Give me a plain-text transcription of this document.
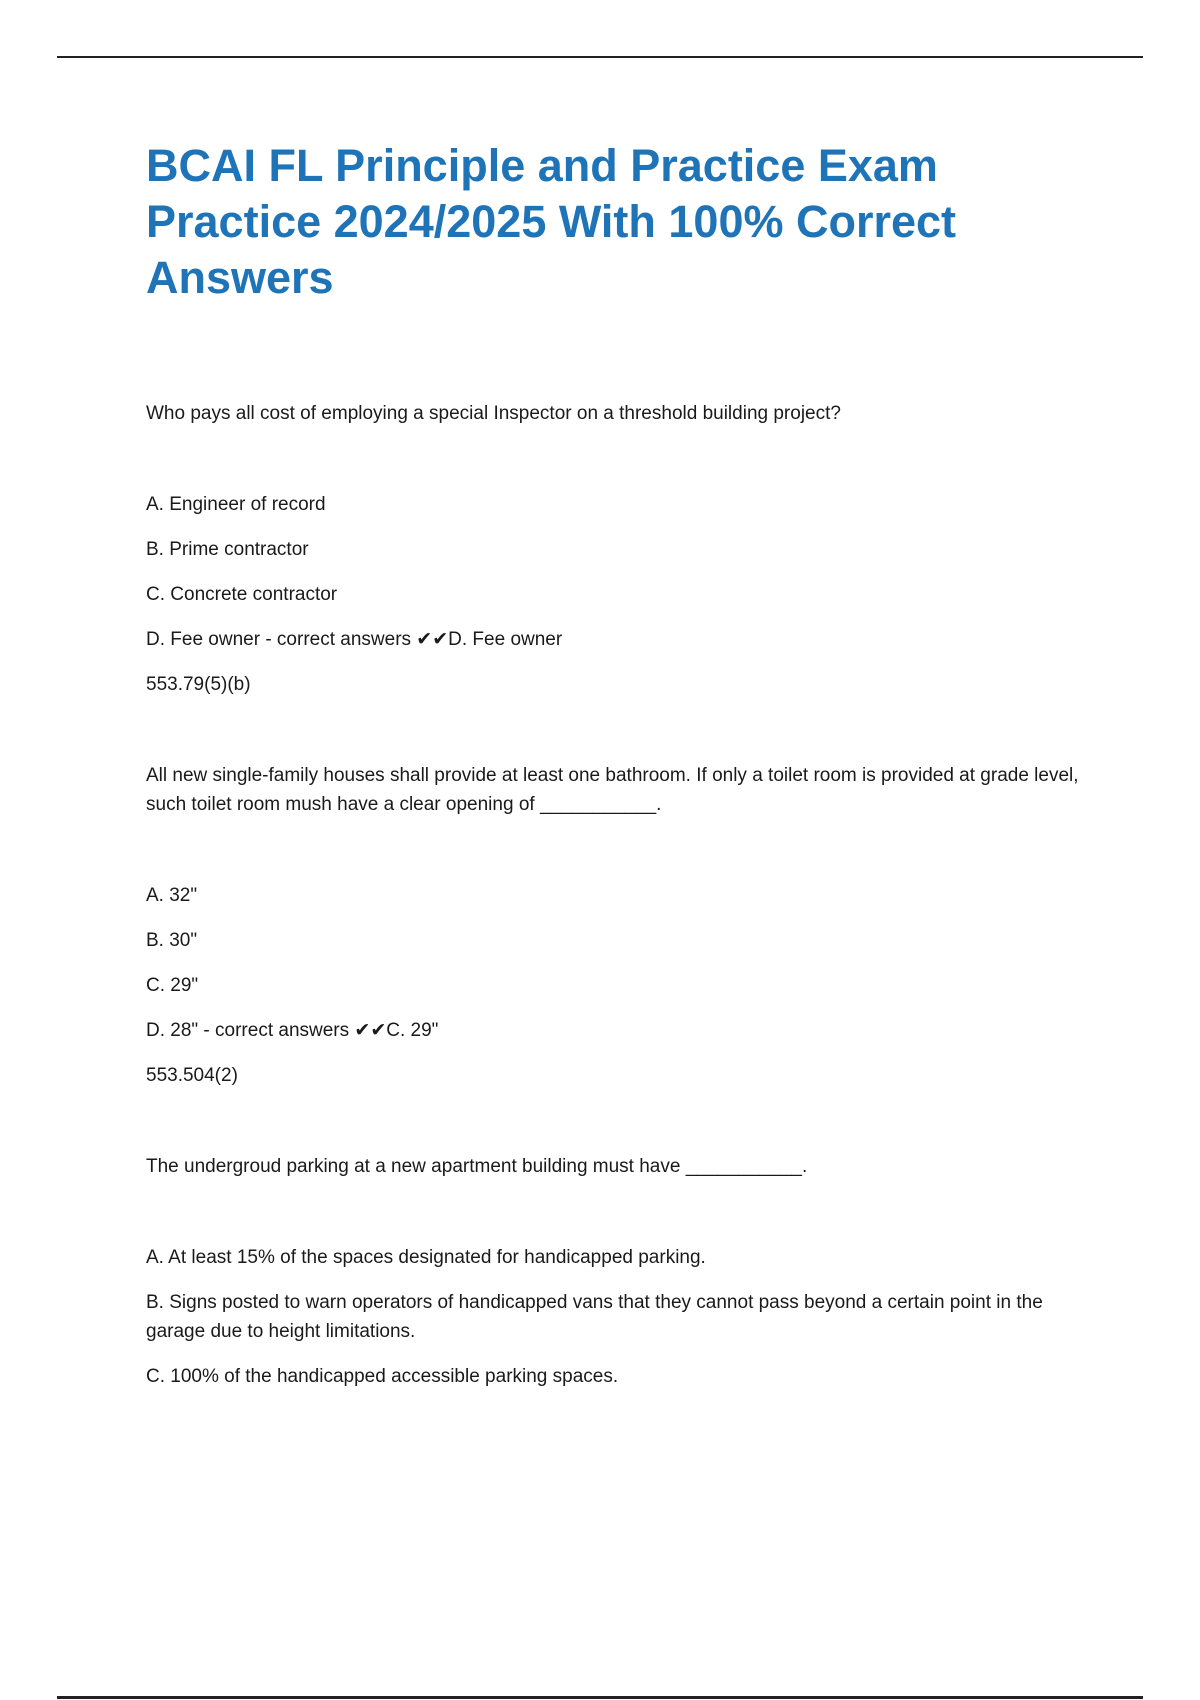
BCAI FL Principle and Practice Exam Practice 2024/2025 With 100% Correct Answers

Who pays all cost of employing a special Inspector on a threshold building project?

A. Engineer of record

B. Prime contractor

C. Concrete contractor

D. Fee owner - correct answers ✔✔D. Fee owner

553.79(5)(b)

All new single-family houses shall provide at least one bathroom. If only a toilet room is provided at grade level, such toilet room mush have a clear opening of ___________.

A. 32"

B. 30"

C. 29"

D. 28" - correct answers ✔✔C. 29"

553.504(2)

The undergroud parking at a new apartment building must have ___________.

A. At least 15% of the spaces designated for handicapped parking.

B. Signs posted to warn operators of handicapped vans that they cannot pass beyond a certain point in the garage due to height limitations.

C. 100% of the handicapped accessible parking spaces.
